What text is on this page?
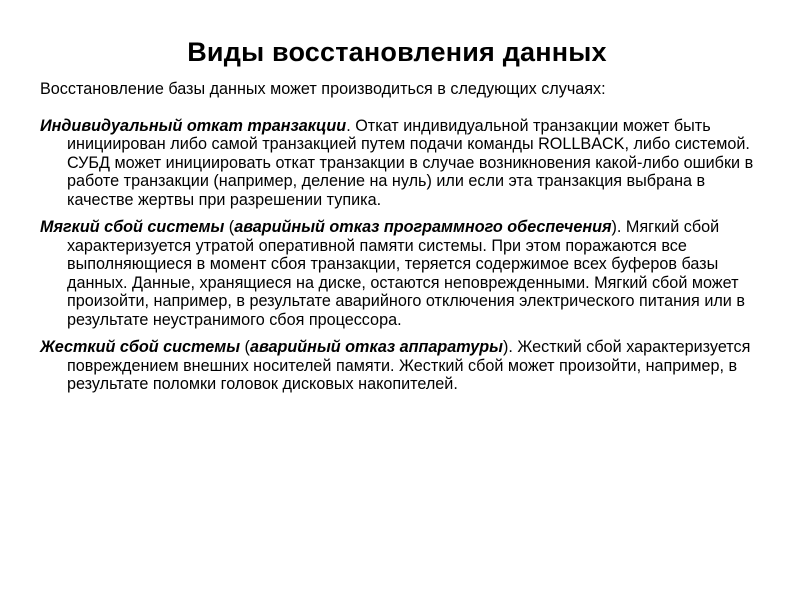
Виды восстановления данных

Восстановление базы данных может производиться в следующих случаях:

Индивидуальный откат транзакции. Откат индивидуальной транзакции может быть инициирован либо самой транзакцией путем подачи команды ROLLBACK, либо системой. СУБД может инициировать откат транзакции в случае возникновения какой-либо ошибки в работе транзакции (например, деление на нуль) или если эта транзакция выбрана в качестве жертвы при разрешении тупика.

Мягкий сбой системы (аварийный отказ программного обеспечения). Мягкий сбой характеризуется утратой оперативной памяти системы. При этом поражаются все выполняющиеся в момент сбоя транзакции, теряется содержимое всех буферов базы данных. Данные, хранящиеся на диске, остаются неповрежденными. Мягкий сбой может произойти, например, в результате аварийного отключения электрического питания или в результате неустранимого сбоя процессора.

Жесткий сбой системы (аварийный отказ аппаратуры). Жесткий сбой характеризуется повреждением внешних носителей памяти. Жесткий сбой может произойти, например, в результате поломки головок дисковых накопителей.
